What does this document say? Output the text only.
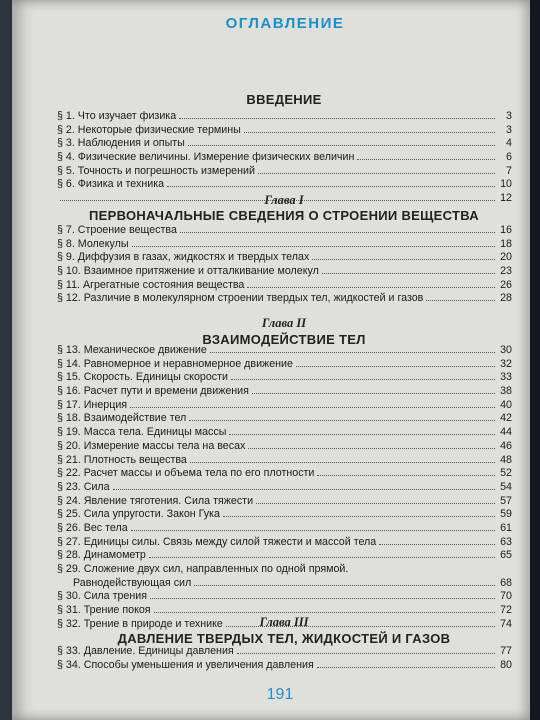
ОГЛАВЛЕНИЕ
ВВЕДЕНИЕ
§ 1. Что изучает физика	3
§ 2. Некоторые физические термины	3
§ 3. Наблюдения и опыты	4
§ 4. Физические величины. Измерение физических величин	6
§ 5. Точность и погрешность измерений	7
§ 6. Физика и техника	10
12
Глава I
ПЕРВОНАЧАЛЬНЫЕ СВЕДЕНИЯ О СТРОЕНИИ ВЕЩЕСТВА
§ 7. Строение вещества	16
§ 8. Молекулы	18
§ 9. Диффузия в газах, жидкостях и твердых телах	20
§ 10. Взаимное притяжение и отталкивание молекул	23
§ 11. Агрегатные состояния вещества	26
§ 12. Различие в молекулярном строении твердых тел, жидкостей и газов	28
Глава II
ВЗАИМОДЕЙСТВИЕ ТЕЛ
§ 13. Механическое движение	30
§ 14. Равномерное и неравномерное движение	32
§ 15. Скорость. Единицы скорости	33
§ 16. Расчет пути и времени движения	38
§ 17. Инерция	40
§ 18. Взаимодействие тел	42
§ 19. Масса тела. Единицы массы	44
§ 20. Измерение массы тела на весах	46
§ 21. Плотность вещества	48
§ 22. Расчет массы и объема тела по его плотности	52
§ 23. Сила	54
§ 24. Явление тяготения. Сила тяжести	57
§ 25. Сила упругости. Закон Гука	59
§ 26. Вес тела	61
§ 27. Единицы силы. Связь между силой тяжести и массой тела	63
§ 28. Динамометр	65
§ 29. Сложение двух сил, направленных по одной прямой.
Равнодействующая сил	68
§ 30. Сила трения	70
§ 31. Трение покоя	72
§ 32. Трение в природе и технике	74
Глава III
ДАВЛЕНИЕ ТВЕРДЫХ ТЕЛ, ЖИДКОСТЕЙ И ГАЗОВ
§ 33. Давление. Единицы давления	77
§ 34. Способы уменьшения и увеличения давления	80
191
